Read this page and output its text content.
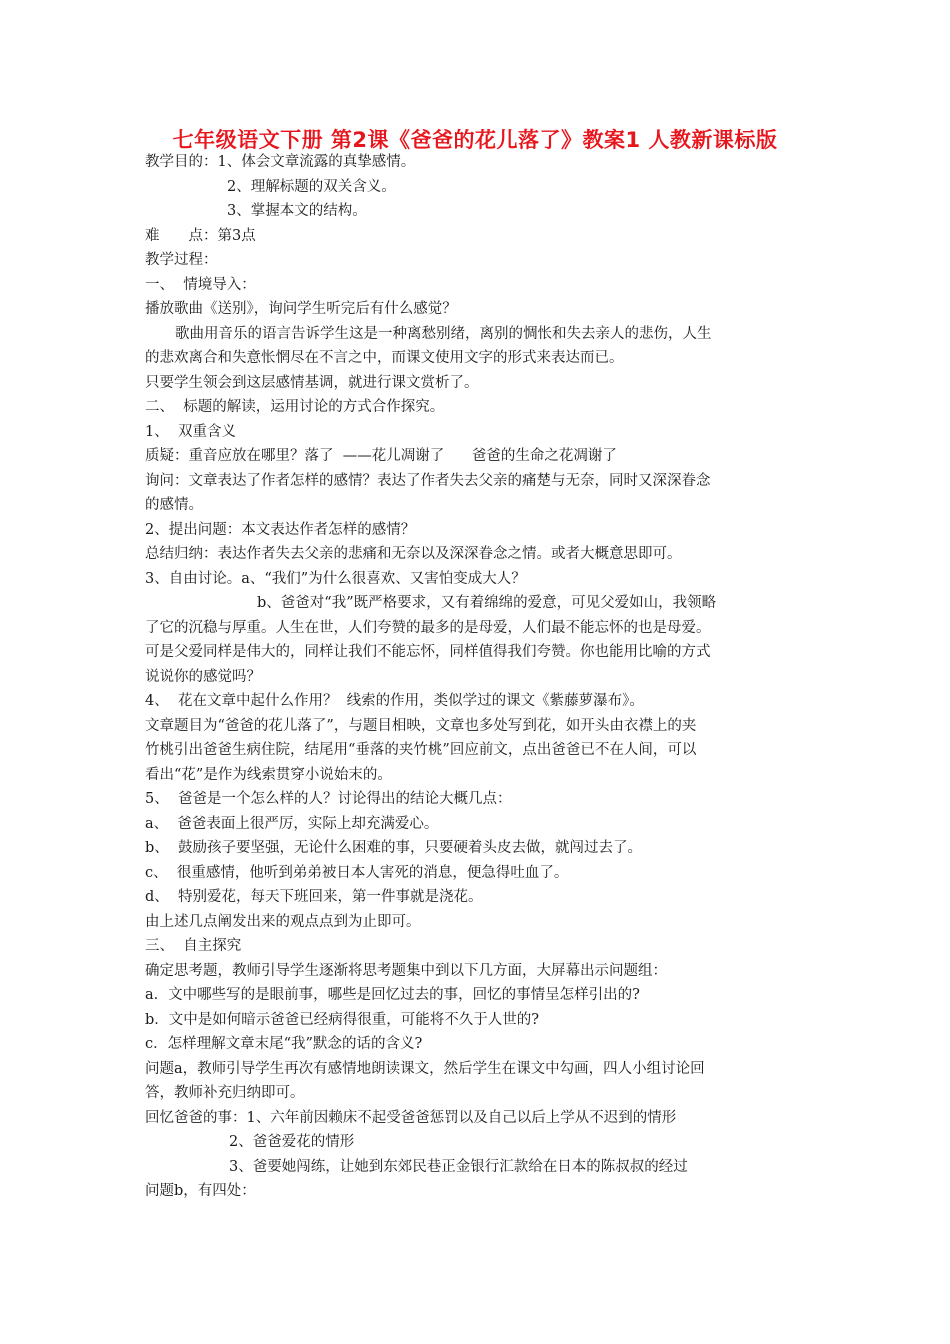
七年级语文下册 第2课《爸爸的花儿落了》教案1 人教新课标版
教学目的：1、体会文章流露的真挚感情。
2、理解标题的双关含义。
3、掌握本文的结构。
难　　点：第3点
教学过程：
一、  情境导入：
播放歌曲《送别》，询问学生听完后有什么感觉？
歌曲用音乐的语言告诉学生这是一种离愁别绪，离别的惆怅和失去亲人的悲伤，人生
的悲欢离合和失意怅惘尽在不言之中，而课文使用文字的形式来表达而已。
只要学生领会到这层感情基调，就进行课文赏析了。
二、  标题的解读，运用讨论的方式合作探究。
1、  双重含义
质疑：重音应放在哪里？落了  ——花儿凋谢了      爸爸的生命之花凋谢了
询问：文章表达了作者怎样的感情？表达了作者失去父亲的痛楚与无奈，同时又深深眷念
的感情。
2、提出问题：本文表达作者怎样的感情？
总结归纳：表达作者失去父亲的悲痛和无奈以及深深眷念之情。或者大概意思即可。
3、自由讨论。a、“我们”为什么很喜欢、又害怕变成大人？
b、爸爸对“我”既严格要求，又有着绵绵的爱意，可见父爱如山，我领略
了它的沉稳与厚重。人生在世，人们夸赞的最多的是母爱，人们最不能忘怀的也是母爱。
可是父爱同样是伟大的，同样让我们不能忘怀，同样值得我们夸赞。你也能用比喻的方式
说说你的感觉吗？
4、  花在文章中起什么作用？  线索的作用，类似学过的课文《紫藤萝瀑布》。
文章题目为“爸爸的花儿落了”，与题目相映，文章也多处写到花，如开头由衣襟上的夹
竹桃引出爸爸生病住院，结尾用“垂落的夹竹桃”回应前文，点出爸爸已不在人间，可以
看出“花”是作为线索贯穿小说始末的。
5、  爸爸是一个怎么样的人？讨论得出的结论大概几点：
a、  爸爸表面上很严厉，实际上却充满爱心。
b、  鼓励孩子要坚强，无论什么困难的事，只要硬着头皮去做，就闯过去了。
c、  很重感情，他听到弟弟被日本人害死的消息，便急得吐血了。
d、  特别爱花，每天下班回来，第一件事就是浇花。
由上述几点阐发出来的观点点到为止即可。
三、  自主探究
确定思考题，教师引导学生逐渐将思考题集中到以下几方面，大屏幕出示问题组：
a．文中哪些写的是眼前事，哪些是回忆过去的事，回忆的事情呈怎样引出的?
b．文中是如何暗示爸爸已经病得很重，可能将不久于人世的?
c．怎样理解文章末尾“我”默念的话的含义?
问题a，教师引导学生再次有感情地朗读课文，然后学生在课文中勾画，四人小组讨论回
答，教师补充归纳即可。
回忆爸爸的事：1、六年前因赖床不起受爸爸惩罚以及自己以后上学从不迟到的情形
2、爸爸爱花的情形
3、爸要她闯练，让她到东郊民巷正金银行汇款给在日本的陈叔叔的经过
问题b，有四处：
